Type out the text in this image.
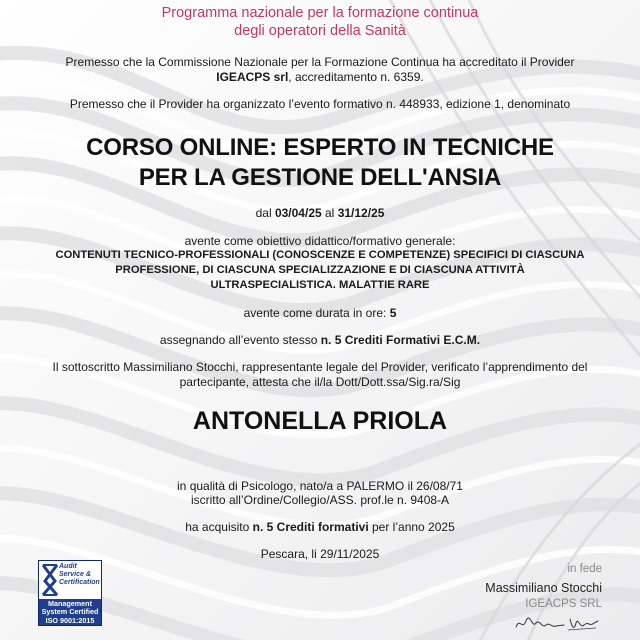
Programma nazionale per la formazione continua
degli operatori della Sanità
Premesso che la Commissione Nazionale per la Formazione Continua ha accreditato il Provider
IGEACPS srl, accreditamento n. 6359.
Premesso che il Provider ha organizzato l’evento formativo n. 448933, edizione 1, denominato
CORSO ONLINE: ESPERTO IN TECNICHE
PER LA GESTIONE DELL'ANSIA
dal 03/04/25 al 31/12/25
avente come obiettivo didattico/formativo generale:
CONTENUTI TECNICO-PROFESSIONALI (CONOSCENZE E COMPETENZE) SPECIFICI DI CIASCUNA
PROFESSIONE, DI CIASCUNA SPECIALIZZAZIONE E DI CIASCUNA ATTIVITÀ
ULTRASPECIALISTICA. MALATTIE RARE
avente come durata in ore: 5
assegnando all’evento stesso n. 5 Crediti Formativi E.C.M.
Il sottoscritto Massimiliano Stocchi, rappresentante legale del Provider, verificato l’apprendimento del
partecipante, attesta che il/la Dott/Dott.ssa/Sig.ra/Sig
ANTONELLA PRIOLA
in qualità di Psicologo, nato/a a PALERMO il 26/08/71
iscritto all’Ordine/Collegio/ASS. prof.le n. 9408-A
ha acquisito n. 5 Crediti formativi per l’anno 2025
Pescara, li 29/11/2025
in fede
Massimiliano Stocchi
IGEACPS SRL
Audit
Service &
Certification
Management
System Certified
ISO 9001:2015
